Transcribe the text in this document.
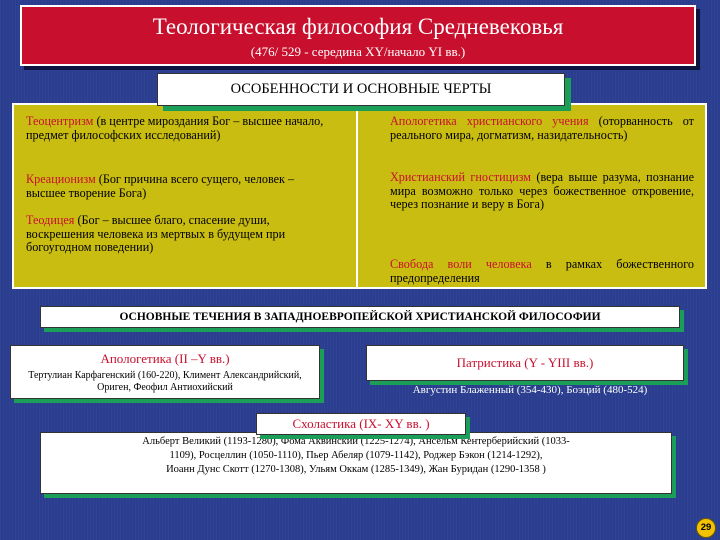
Теологическая философия Средневековья
(476/ 529 - середина XY/начало YI вв.)
ОСОБЕННОСТИ И ОСНОВНЫЕ ЧЕРТЫ
Теоцентризм (в центре мироздания Бог – высшее начало, предмет философских исследований)
Креационизм (Бог причина всего сущего, человек – высшее творение Бога)
Теодицея (Бог – высшее благо, спасение души, воскрешения человека из мертвых в будущем при богоугодном поведении)
Апологетика христианского учения (оторванность от реального мира, догматизм, назидательность)
Христианский гностицизм (вера выше разума, познание мира возможно только через божественное откровение, через познание и веру в Бога)
Свобода воли человека в рамках божественного предопределения
ОСНОВНЫЕ ТЕЧЕНИЯ В ЗАПАДНОЕВРОПЕЙСКОЙ ХРИСТИАНСКОЙ ФИЛОСОФИИ
Апологетика (II –Y вв.)
Тертулиан Карфагенский (160-220), Климент Александрийский, Ориген, Феофил Антиохийский
Патристика (Y - YIII вв.)
Августин Блаженный (354-430), Боэций (480-524)
Альберт Великий (1193-1280), Фома Аквинский (1225-1274), Ансельм Кентерберийский (1033-
1109), Росцеллин (1050-1110), Пьер Абеляр (1079-1142), Роджер Бэкон (1214-1292),
Иоанн Дунс Скотт (1270-1308), Ульям Оккам (1285-1349), Жан Буридан (1290-1358 )
Схоластика (IX- XY вв. )
29
